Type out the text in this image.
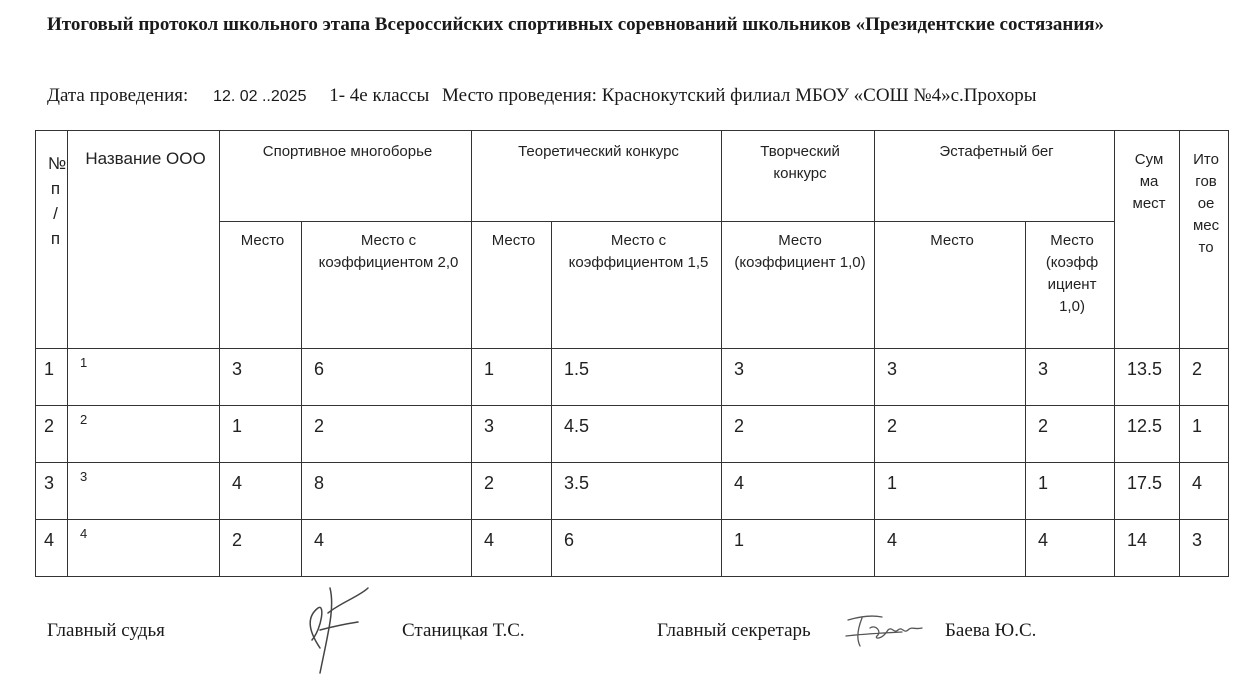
Итоговый протокол школьного этапа Всероссийских спортивных соревнований школьников «Президентские состязания»
Дата проведения: 12. 02 ..2025 1- 4е классы Место проведения: Краснокутский филиал МБОУ «СОШ №4»с.Прохоры
№ п / п	Название ООО	Спортивное многоборье		Теоретический конкурс		Творческий конкурс	Эстафетный бег		Сум ма мест	Ито гов ое мес то

		Место	Место с коэффициентом 2,0	Место	Место с коэффициентом 1,5	Место (коэффициент 1,0)	Место	Место (коэфф ициент 1,0)		

1	1	3	6	1	1.5	3	3	3	13.5	2

2	2	1	2	3	4.5	2	2	2	12.5	1

3	3	4	8	2	3.5	4	1	1	17.5	4

4	4	2	4	4	6	1	4	4	14	3
Главный судья	Станицкая Т.С.	Главный секретарь	Баева Ю.С.
